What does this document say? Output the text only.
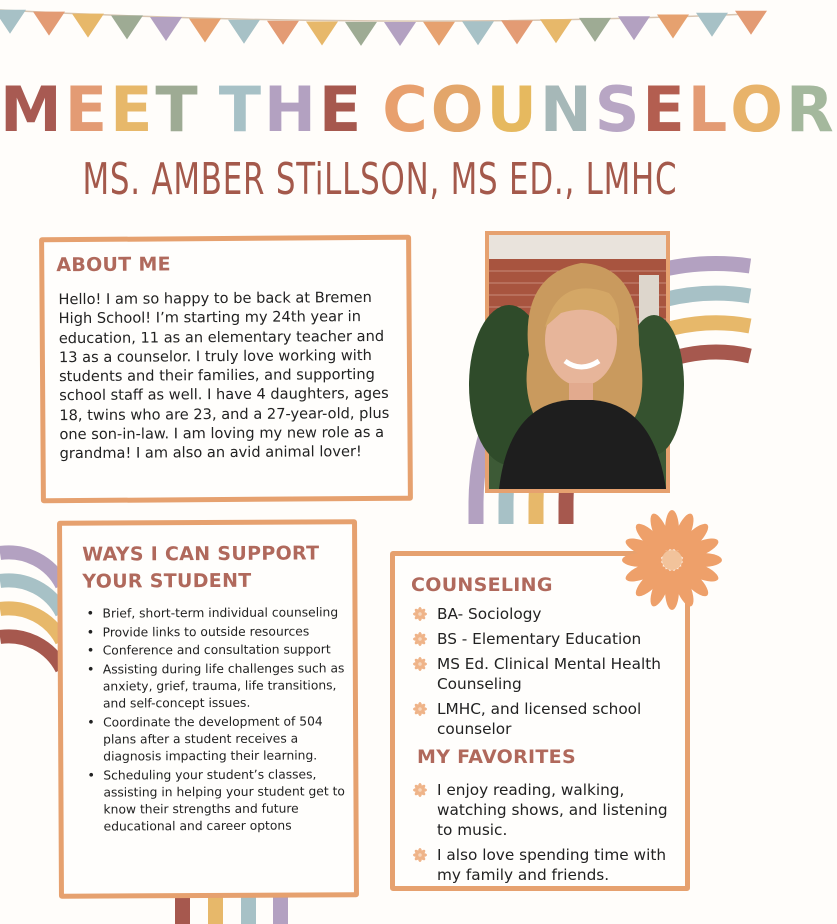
MEET THE COUNSELOR
MS. AMBER STiLLSON, MS ED., LMHC
ABOUT ME

Hello! I am so happy to be back at Bremen High School! I’m starting my 24th year in education, 11 as an elementary teacher and 13 as a counselor. I truly love working with students and their families, and supporting school staff as well. I have 4 daughters, ages 18, twins who are 23, and a 27-year-old, plus one son-in-law. I am loving my new role as a grandma! I am also an avid animal lover!

WAYS I CAN SUPPORT YOUR STUDENT
• Brief, short-term individual counseling
• Provide links to outside resources
• Conference and consultation support
• Assisting during life challenges such as anxiety, grief, trauma, life transitions, and self-concept issues.
• Coordinate the development of 504 plans after a student receives a diagnosis impacting their learning.
• Scheduling your student’s classes, assisting in helping your student get to know their strengths and future educational and career optons
COUNSELING
BA- Sociology
BS - Elementary Education
MS Ed. Clinical Mental Health Counseling
LMHC, and licensed school counselor
MY FAVORITES
I enjoy reading, walking, watching shows, and listening to music.
I also love spending time with my family and friends.
